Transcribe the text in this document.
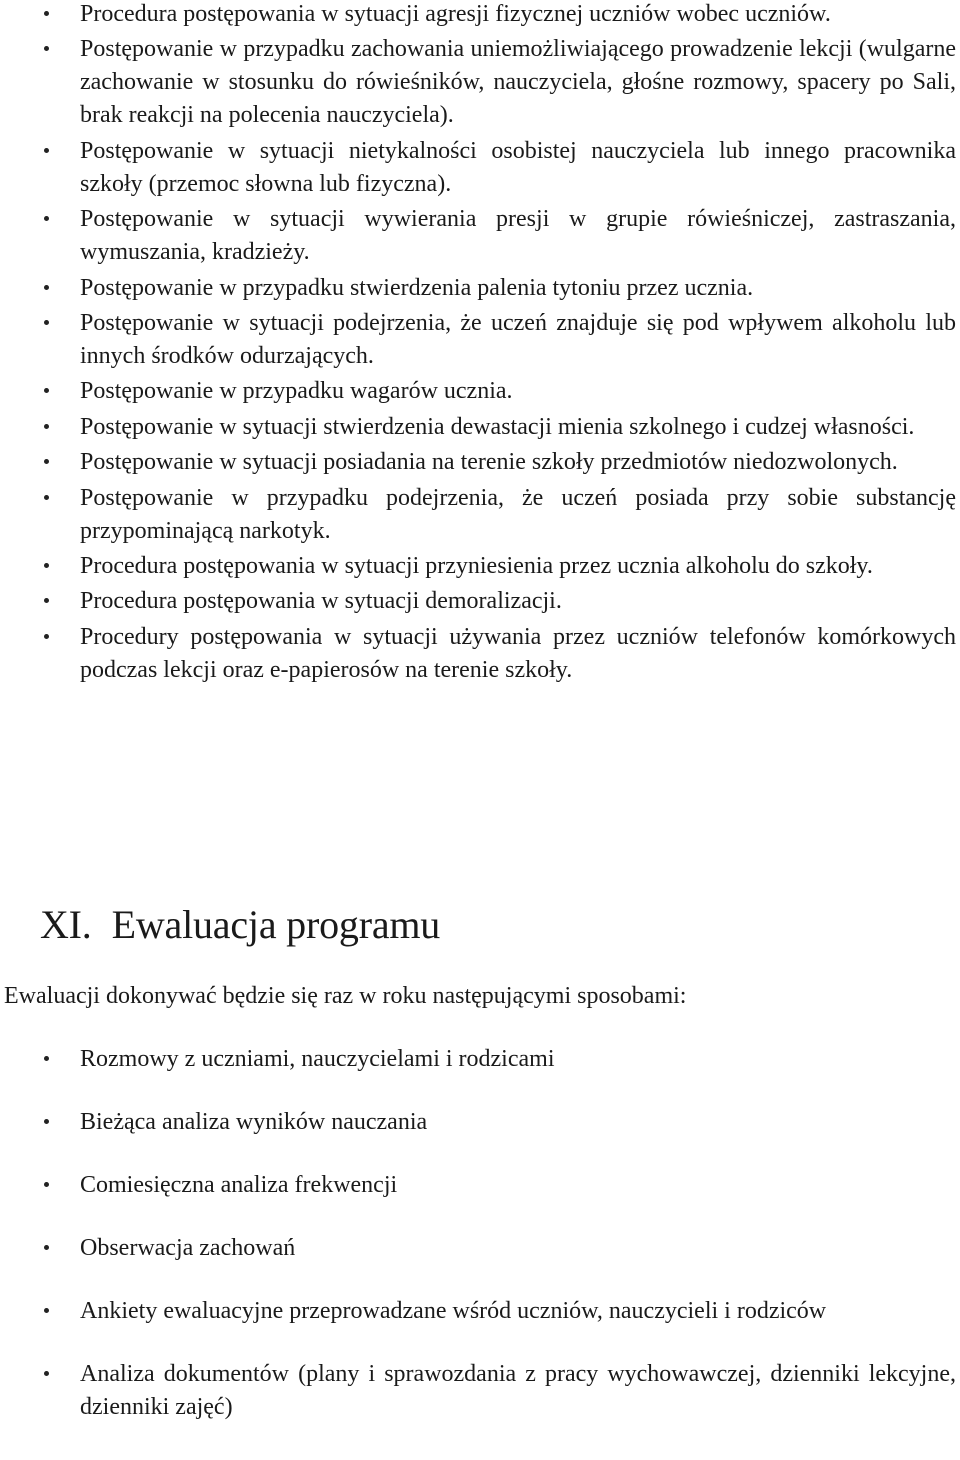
Procedura postępowania w sytuacji agresji fizycznej uczniów wobec uczniów.
Postępowanie w przypadku zachowania uniemożliwiającego prowadzenie lekcji (wulgarne zachowanie w stosunku do rówieśników, nauczyciela, głośne rozmowy, spacery po Sali, brak reakcji na polecenia nauczyciela).
Postępowanie w sytuacji nietykalności osobistej nauczyciela lub innego pracownika szkoły (przemoc słowna lub fizyczna).
Postępowanie w sytuacji wywierania presji w grupie rówieśniczej, zastraszania, wymuszania, kradzieży.
Postępowanie w przypadku stwierdzenia palenia tytoniu przez ucznia.
Postępowanie w sytuacji podejrzenia, że uczeń znajduje się pod wpływem alkoholu lub innych środków odurzających.
Postępowanie w przypadku wagarów ucznia.
Postępowanie w sytuacji stwierdzenia dewastacji mienia szkolnego i cudzej własności.
Postępowanie w sytuacji posiadania na terenie szkoły przedmiotów niedozwolonych.
Postępowanie w przypadku podejrzenia, że uczeń posiada przy sobie substancję przypominającą narkotyk.
Procedura postępowania w sytuacji przyniesienia przez ucznia alkoholu do szkoły.
Procedura postępowania w sytuacji demoralizacji.
Procedury postępowania w sytuacji używania przez uczniów telefonów komórkowych podczas lekcji oraz e-papierosów na terenie szkoły.
XI. Ewaluacja programu

Ewaluacji dokonywać będzie się raz w roku następującymi sposobami:

Rozmowy z uczniami, nauczycielami i rodzicami
Bieżąca analiza wyników nauczania
Comiesięczna analiza frekwencji
Obserwacja zachowań
Ankiety ewaluacyjne przeprowadzane wśród uczniów, nauczycieli i rodziców
Analiza dokumentów (plany i sprawozdania z pracy wychowawczej, dzienniki lekcyjne, dzienniki zajęć)
